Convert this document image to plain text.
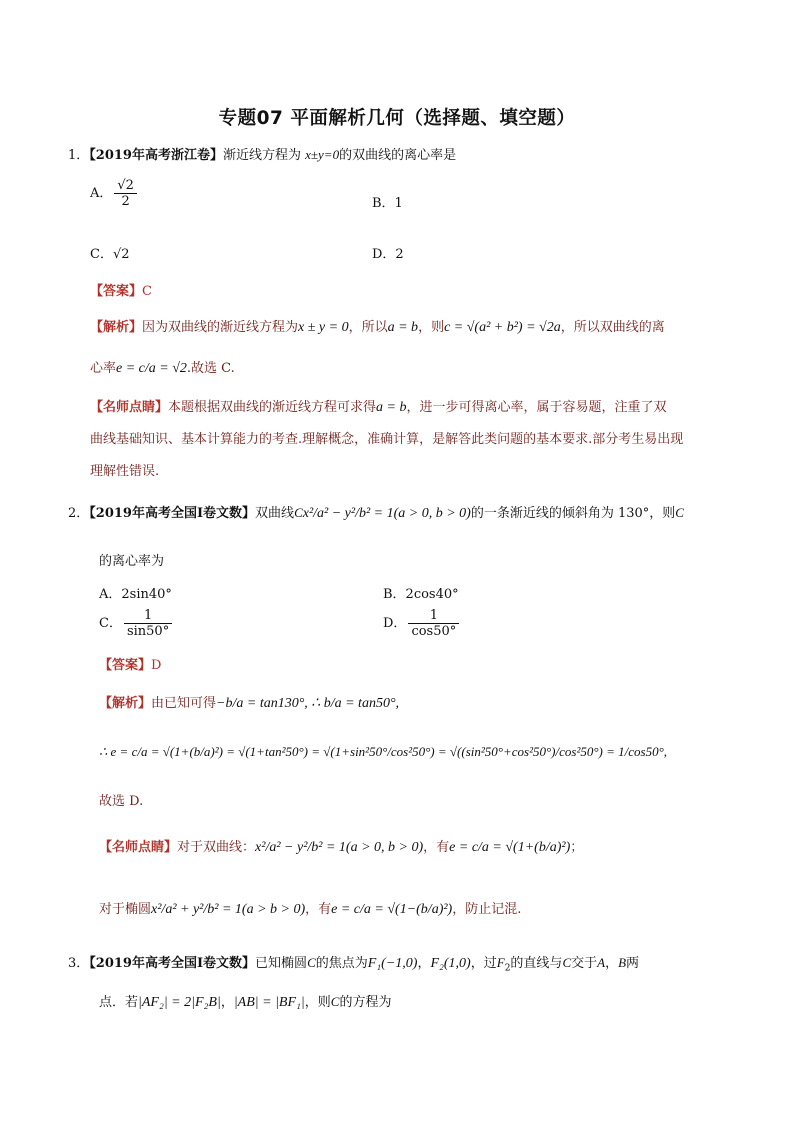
专题07 平面解析几何（选择题、填空题）
1．【2019年高考浙江卷】渐近线方程为 x±y=0的双曲线的离心率是
A． $\frac{√2}{2}$	B．1
C．√2	D．2
【答案】C
【解析】因为双曲线的渐近线方程为x ± y = 0，所以a = b，则c = √(a² + b²) = √2a，所以双曲线的离
心率e = c/a = √2.故选 C.
【名师点睛】本题根据双曲线的渐近线方程可求得a = b，进一步可得离心率，属于容易题，注重了双
曲线基础知识、基本计算能力的考查.理解概念，准确计算，是解答此类问题的基本要求.部分考生易出现
理解性错误.
2．【2019年高考全国Ⅰ卷文数】双曲线Cx²/a² − y²/b² = 1(a > 0, b > 0)的一条渐近线的倾斜角为 130°，则C
的离心率为
A．2sin40°	B．2cos40°
C． $\frac{1}{\sin 50^\circ}$	D． $\frac{1}{\cos 50^\circ}$
【答案】D
【解析】由已知可得−b/a = tan130°, ∴ b/a = tan50°,
∴ e = c/a = √(1+(b/a)²) = √(1+tan²50°) = √(1+sin²50°/cos²50°) = √((sin²50°+cos²50°)/cos²50°) = 1/cos50°,
故选 D.
【名师点睛】对于双曲线：x²/a² − y²/b² = 1(a > 0, b > 0)，有e = c/a = √(1+(b/a)²)；
对于椭圆x²/a² + y²/b² = 1(a > b > 0)，有e = c/a = √(1−(b/a)²)，防止记混.
3．【2019年高考全国Ⅰ卷文数】已知椭圆C的焦点为F₁(−1,0)，F₂(1,0)，过$F_2$的直线与C交于A，B两
点．若|AF₂| = 2|F₂B|，|AB| = |BF₁|，则C的方程为
